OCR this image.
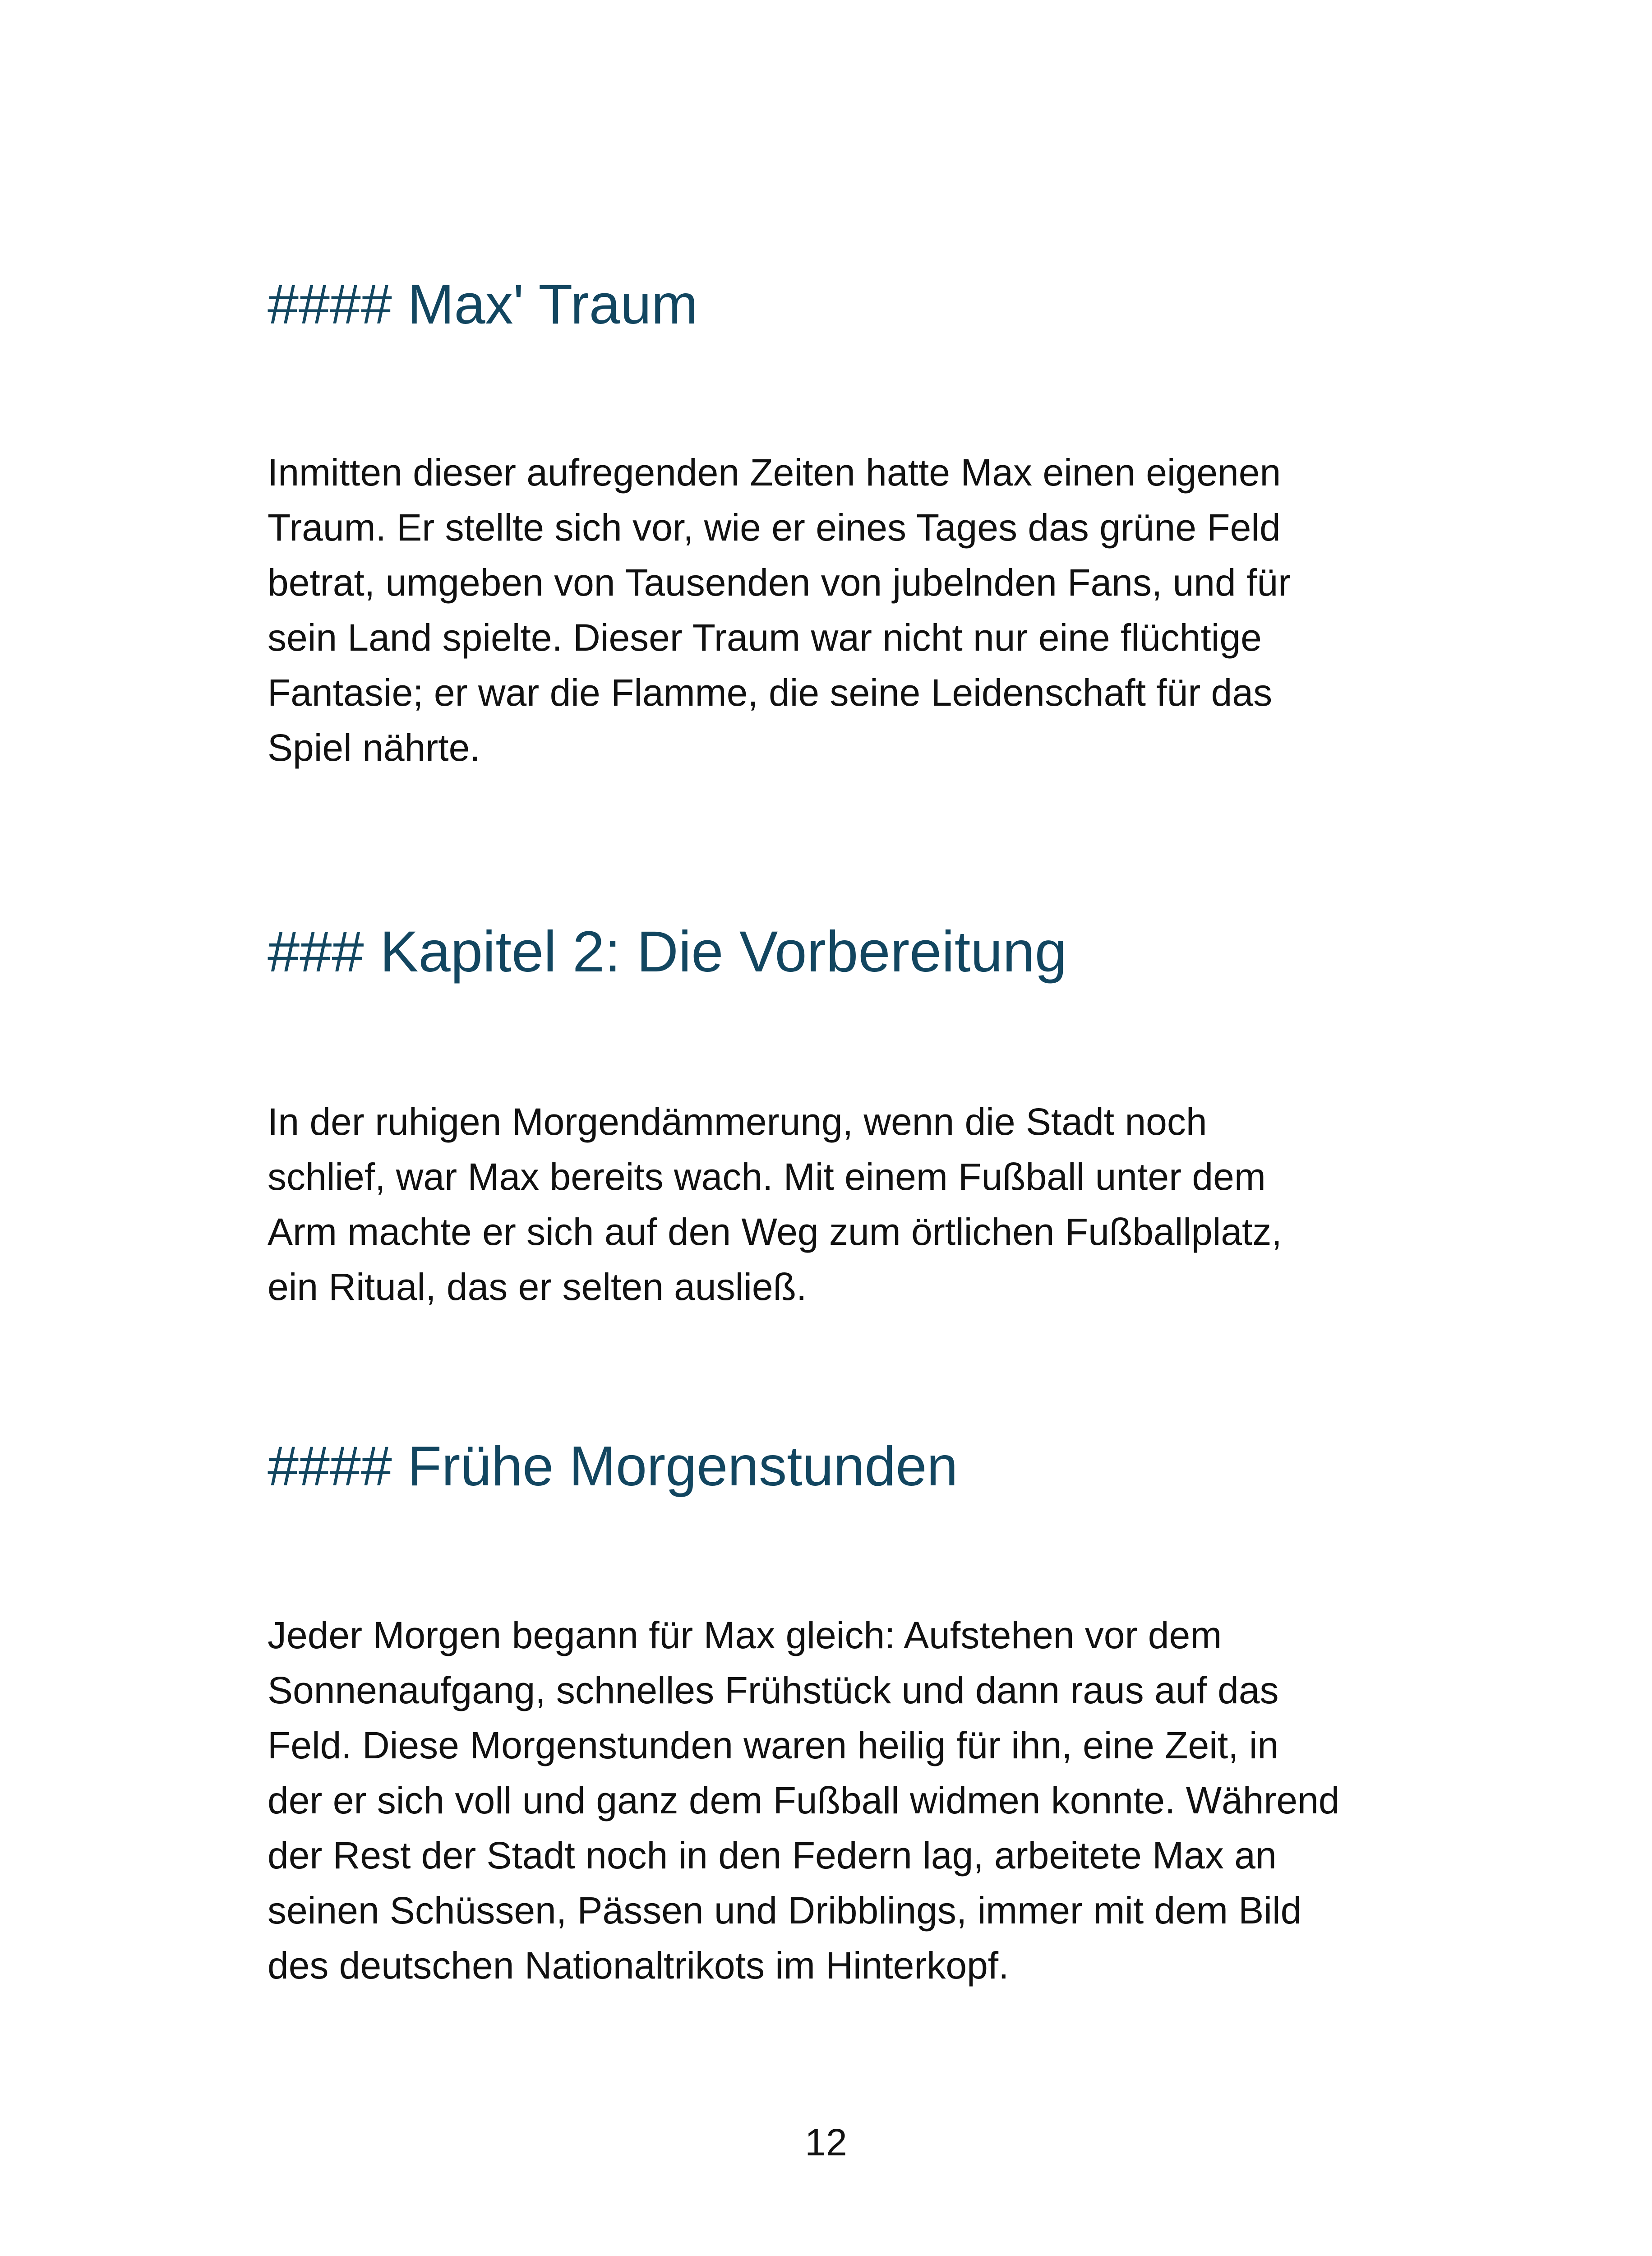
#### Max' Traum

Inmitten dieser aufregenden Zeiten hatte Max einen eigenen
Traum. Er stellte sich vor, wie er eines Tages das grüne Feld
betrat, umgeben von Tausenden von jubelnden Fans, und für
sein Land spielte. Dieser Traum war nicht nur eine flüchtige
Fantasie; er war die Flamme, die seine Leidenschaft für das
Spiel nährte.

### Kapitel 2: Die Vorbereitung

In der ruhigen Morgendämmerung, wenn die Stadt noch
schlief, war Max bereits wach. Mit einem Fußball unter dem
Arm machte er sich auf den Weg zum örtlichen Fußballplatz,
ein Ritual, das er selten ausließ.

#### Frühe Morgenstunden

Jeder Morgen begann für Max gleich: Aufstehen vor dem
Sonnenaufgang, schnelles Frühstück und dann raus auf das
Feld. Diese Morgenstunden waren heilig für ihn, eine Zeit, in
der er sich voll und ganz dem Fußball widmen konnte. Während
der Rest der Stadt noch in den Federn lag, arbeitete Max an
seinen Schüssen, Pässen und Dribblings, immer mit dem Bild
des deutschen Nationaltrikots im Hinterkopf.

12
